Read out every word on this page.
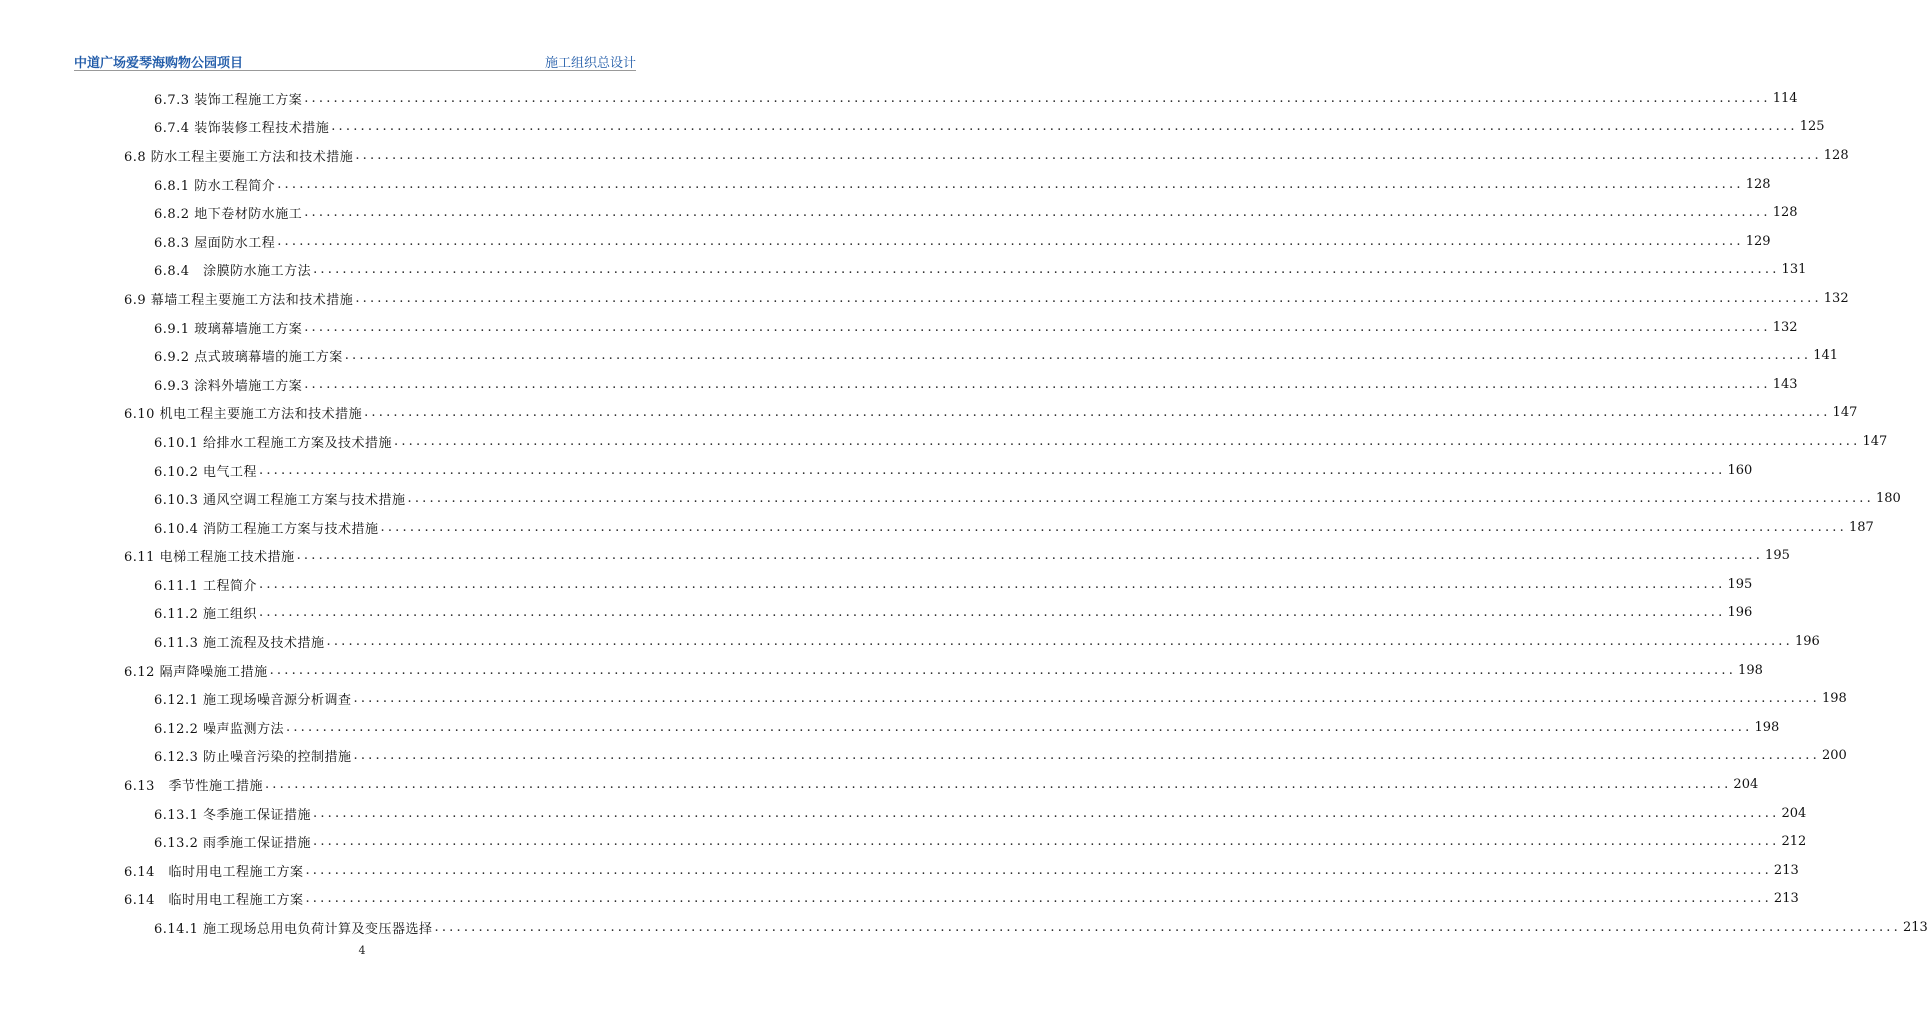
中道广场爱琴海购物公园项目	施工组织总设计
6.7.3 装饰工程施工方案 ........................................................................................................................................................................................................ 114
6.7.4 装饰装修工程技术措施 ........................................................................................................................................................................................................ 125
6.8 防水工程主要施工方法和技术措施 ........................................................................................................................................................................................................ 128
6.8.1 防水工程简介 ........................................................................................................................................................................................................ 128
6.8.2 地下卷材防水施工 ........................................................................................................................................................................................................ 128
6.8.3 屋面防水工程 ........................................................................................................................................................................................................ 129
6.8.4　涂膜防水施工方法 ........................................................................................................................................................................................................ 131
6.9 幕墙工程主要施工方法和技术措施 ........................................................................................................................................................................................................ 132
6.9.1 玻璃幕墙施工方案 ........................................................................................................................................................................................................ 132
6.9.2 点式玻璃幕墙的施工方案 ........................................................................................................................................................................................................ 141
6.9.3 涂料外墙施工方案 ........................................................................................................................................................................................................ 143
6.10 机电工程主要施工方法和技术措施 ........................................................................................................................................................................................................ 147
6.10.1 给排水工程施工方案及技术措施 ........................................................................................................................................................................................................ 147
6.10.2 电气工程 ........................................................................................................................................................................................................ 160
6.10.3 通风空调工程施工方案与技术措施 ........................................................................................................................................................................................................ 180
6.10.4 消防工程施工方案与技术措施 ........................................................................................................................................................................................................ 187
6.11 电梯工程施工技术措施 ........................................................................................................................................................................................................ 195
6.11.1 工程简介 ........................................................................................................................................................................................................ 195
6.11.2 施工组织 ........................................................................................................................................................................................................ 196
6.11.3 施工流程及技术措施 ........................................................................................................................................................................................................ 196
6.12 隔声降噪施工措施 ........................................................................................................................................................................................................ 198
6.12.1 施工现场噪音源分析调查 ........................................................................................................................................................................................................ 198
6.12.2 噪声监测方法 ........................................................................................................................................................................................................ 198
6.12.3 防止噪音污染的控制措施 ........................................................................................................................................................................................................ 200
6.13　季节性施工措施 ........................................................................................................................................................................................................ 204
6.13.1 冬季施工保证措施 ........................................................................................................................................................................................................ 204
6.13.2 雨季施工保证措施 ........................................................................................................................................................................................................ 212
6.14　临时用电工程施工方案 ........................................................................................................................................................................................................ 213
6.14　临时用电工程施工方案 ........................................................................................................................................................................................................ 213
6.14.1 施工现场总用电负荷计算及变压器选择 ........................................................................................................................................................................................................ 213
4
